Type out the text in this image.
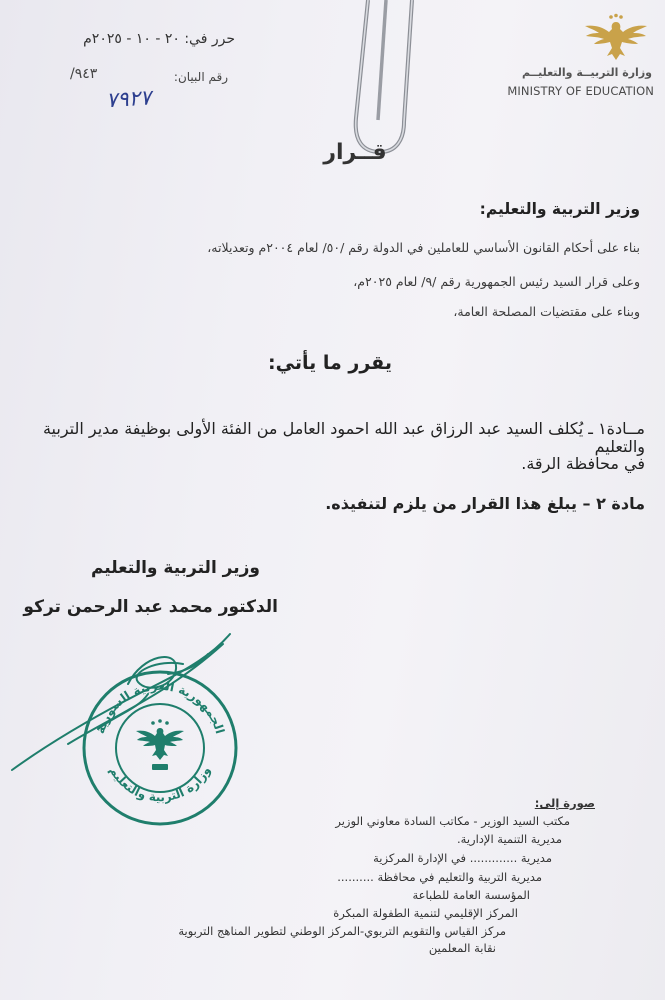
وزارة التربيــة والتعليــم
MINISTRY OF EDUCATION
حرر في: ٢٠ - ١٠ - ٢٠٢٥م
رقم البيان:
/٩٤٣
٧٩٢٧
قــرار
وزير التربية والتعليم:
بناء على أحكام القانون الأساسي للعاملين في الدولة رقم /٥٠/ لعام ٢٠٠٤م وتعديلاته،
وعلى قرار السيد رئيس الجمهورية رقم /٩/ لعام ٢٠٢٥م،
وبناء على مقتضيات المصلحة العامة،
يقرر ما يأتي:
مــادة١ ـ يُكلف السيد عبد الرزاق عبد الله احمود العامل من الفئة الأولى بوظيفة مدير التربية والتعليم
في محافظة الرقة.
مادة ٢ – يبلغ هذا القرار من يلزم لتنفيذه.
وزير التربية والتعليم
الدكتور محمد عبد الرحمن تركو
الجمهورية العربية السورية
وزارة التربية والتعليم
صورة إلى:
مكتب السيد الوزير - مكاتب السادة معاوني الوزير
مديرية التنمية الإدارية.
مديرية ............. في الإدارة المركزية
مديرية التربية والتعليم في محافظة ..........
المؤسسة العامة للطباعة
المركز الإقليمي لتنمية الطفولة المبكرة
مركز القياس والتقويم التربوي-المركز الوطني لتطوير المناهج التربوية
نقابة المعلمين
